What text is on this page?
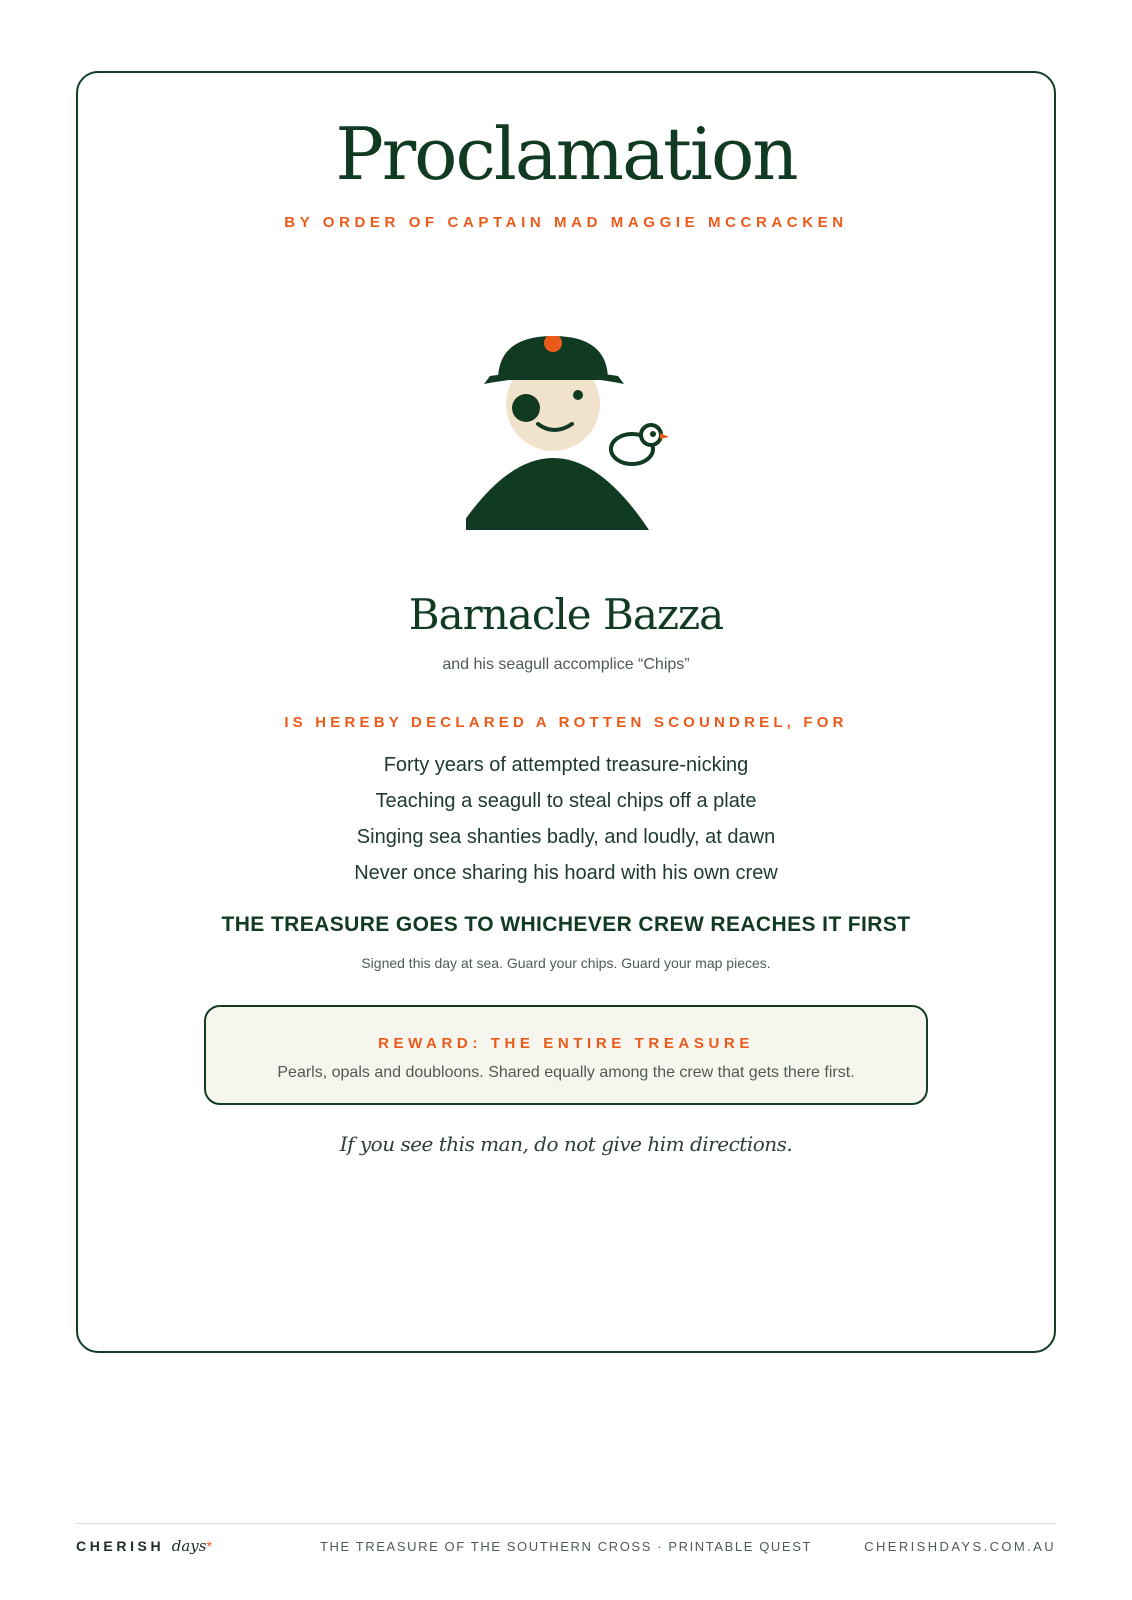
Proclamation
BY ORDER OF CAPTAIN MAD MAGGIE MCCRACKEN
Barnacle Bazza
and his seagull accomplice “Chips”
IS HEREBY DECLARED A ROTTEN SCOUNDREL, FOR
Forty years of attempted treasure-nicking
Teaching a seagull to steal chips off a plate
Singing sea shanties badly, and loudly, at dawn
Never once sharing his hoard with his own crew
THE TREASURE GOES TO WHICHEVER CREW REACHES IT FIRST
Signed this day at sea. Guard your chips. Guard your map pieces.
REWARD: THE ENTIRE TREASURE
Pearls, opals and doubloons. Shared equally among the crew that gets there first.
If you see this man, do not give him directions.
CHERISH days*	THE TREASURE OF THE SOUTHERN CROSS · PRINTABLE QUEST	CHERISHDAYS.COM.AU
